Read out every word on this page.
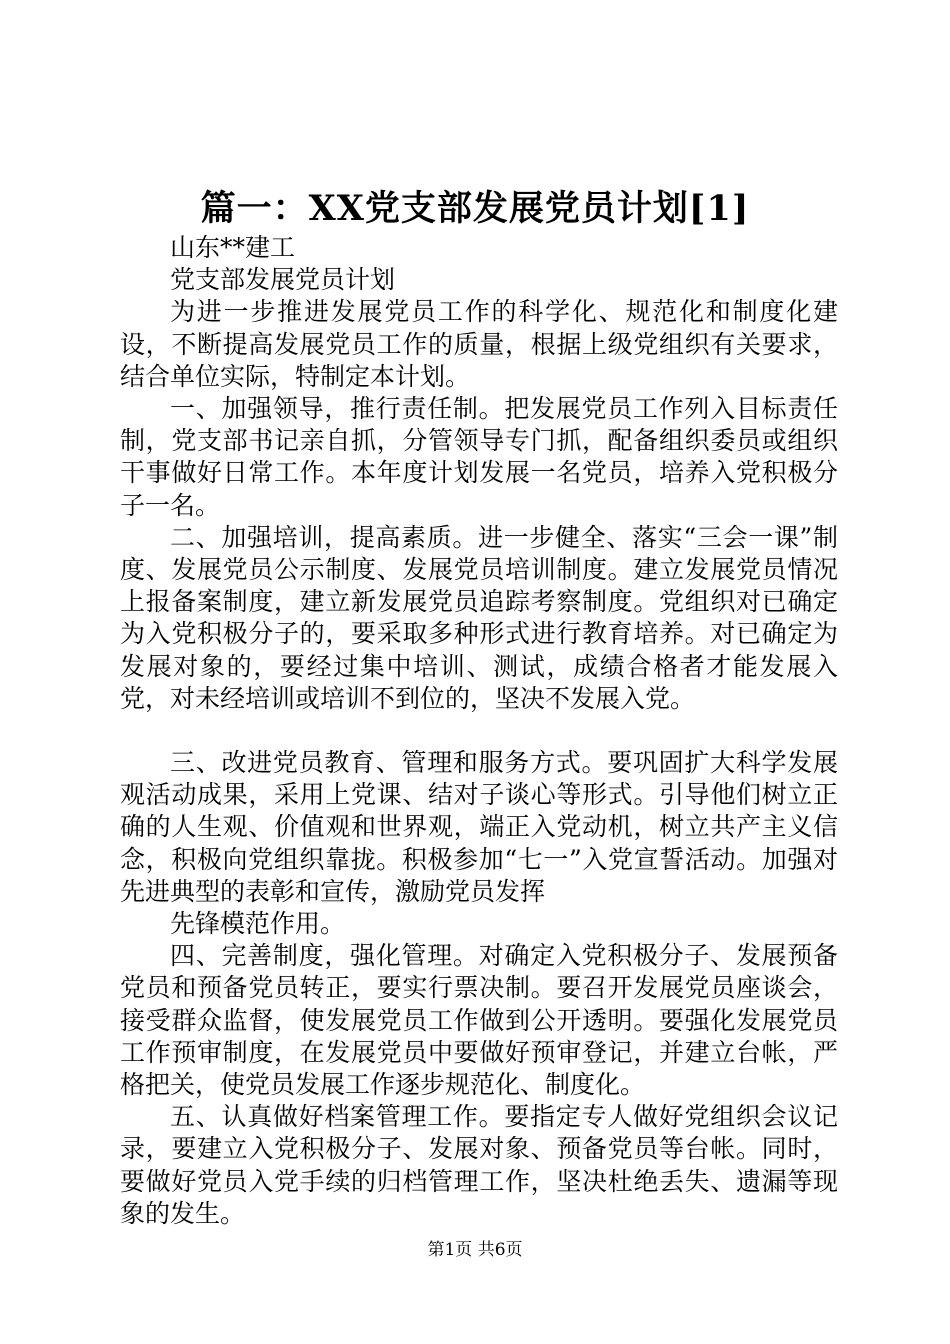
篇一：XX党支部发展党员计划[1]

山东**建工

党支部发展党员计划

为进一步推进发展党员工作的科学化、规范化和制度化建设，不断提高发展党员工作的质量，根据上级党组织有关要求，结合单位实际，特制定本计划。

一、加强领导，推行责任制。把发展党员工作列入目标责任制，党支部书记亲自抓，分管领导专门抓，配备组织委员或组织干事做好日常工作。本年度计划发展一名党员，培养入党积极分子一名。

二、加强培训，提高素质。进一步健全、落实“三会一课”制度、发展党员公示制度、发展党员培训制度。建立发展党员情况上报备案制度，建立新发展党员追踪考察制度。党组织对已确定为入党积极分子的，要采取多种形式进行教育培养。对已确定为发展对象的，要经过集中培训、测试，成绩合格者才能发展入党，对未经培训或培训不到位的，坚决不发展入党。

三、改进党员教育、管理和服务方式。要巩固扩大科学发展观活动成果，采用上党课、结对子谈心等形式。引导他们树立正确的人生观、价值观和世界观，端正入党动机，树立共产主义信念，积极向党组织靠拢。积极参加“七一”入党宣誓活动。加强对先进典型的表彰和宣传，激励党员发挥

先锋模范作用。

四、完善制度，强化管理。对确定入党积极分子、发展预备党员和预备党员转正，要实行票决制。要召开发展党员座谈会，接受群众监督，使发展党员工作做到公开透明。要强化发展党员工作预审制度，在发展党员中要做好预审登记，并建立台帐，严格把关，使党员发展工作逐步规范化、制度化。

五、认真做好档案管理工作。要指定专人做好党组织会议记录，要建立入党积极分子、发展对象、预备党员等台帐。同时，要做好党员入党手续的归档管理工作，坚决杜绝丢失、遗漏等现象的发生。

第1页 共6页
